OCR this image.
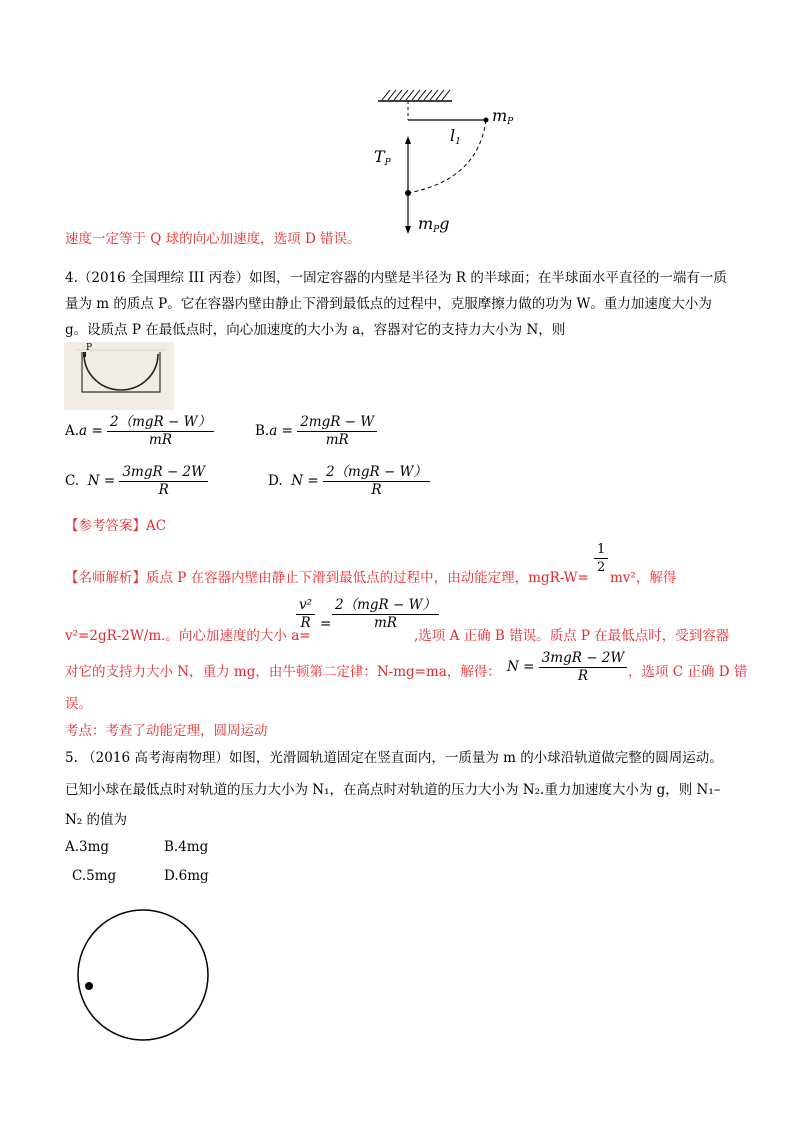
$l_1$
$m_P$
$T_P$
$m_Pg$
速度一定等于 Q 球的向心加速度，选项 D 错误。
4.（2016 全国理综 III 丙卷）如图，一固定容器的内壁是半径为 R 的半球面；在半球面水平直径的一端有一质
量为 m 的质点 P。它在容器内壁由静止下滑到最低点的过程中，克服摩擦力做的功为 W。重力加速度大小为
g。设质点 P 在最低点时，向心加速度的大小为 a，容器对它的支持力大小为 N，则
P
$A.a = \frac{\text{2（mgR − W）}}{mR}$	$B.a = \frac{\text{2mgR − W}}{mR}$
C. $N = \frac{\text{3mgR − 2W}}{R}$	D. $N = \frac{\text{2（mgR − W）}}{R}$
【参考答案】AC
【名师解析】质点 P 在容器内壁由静止下滑到最低点的过程中，由动能定理，mgR-W=
$\frac{1}{2}$
mv²，解得
v²=2gR-2W/m.。向心加速度的大小 a=
$\frac{\text{v²}}{R}$ =
2（mgR − W）
mR
,选项 A 正确 B 错误。质点 P 在最低点时，受到容器
对它的支持力大小 N，重力 mg，由牛顿第二定律：N-mg=ma，解得： $N = \frac{\text{3mgR − 2W}}{R}$ ，选项 C 正确 D 错
误。
考点：考查了动能定理，圆周运动
5. （2016 高考海南物理）如图，光滑圆轨道固定在竖直面内，一质量为 m 的小球沿轨道做完整的圆周运动。
已知小球在最低点时对轨道的压力大小为 N₁，在高点时对轨道的压力大小为 N₂.重力加速度大小为 g，则 N₁–
N₂ 的值为
A.3mg	B.4mg
C.5mg	D.6mg
